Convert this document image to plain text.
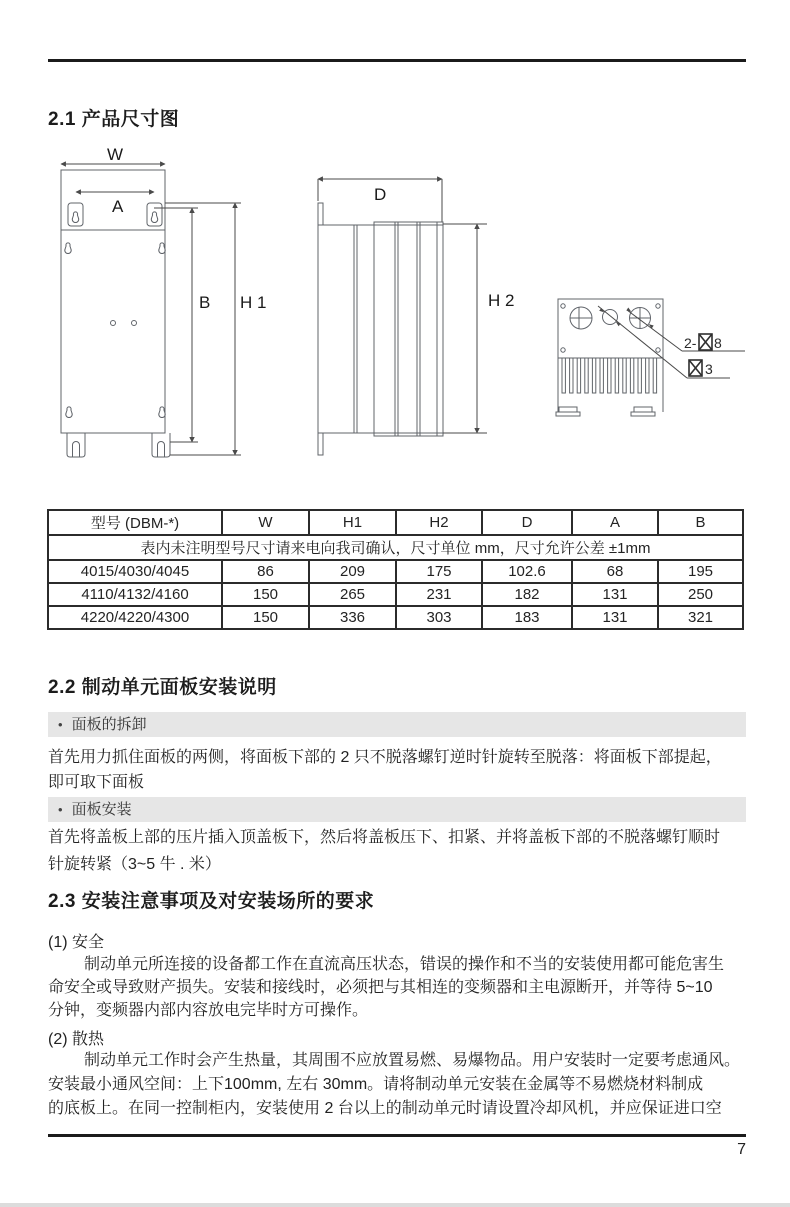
2.1 产品尺寸图
W
A
B H 1
D
H 2
2- 8
3
型号 (DBM-*)	W	H1	H2	D	A	B
表内未注明型号尺寸请来电向我司确认，尺寸单位 mm，尺寸允许公差 ±1mm						
4015/4030/4045	86	209	175	102.6	68	195
4110/4132/4160	150	265	231	182	131	250
4220/4220/4300	150	336	303	183	131	321
2.2 制动单元面板安装说明
• 面板的拆卸
首先用力抓住面板的两侧，将面板下部的 2 只不脱落螺钉逆时针旋转至脱落：将面板下部提起，
即可取下面板
• 面板安装
首先将盖板上部的压片插入顶盖板下，然后将盖板压下、扣紧、并将盖板下部的不脱落螺钉顺时
针旋转紧（3~5 牛 . 米）
2.3 安装注意事项及对安装场所的要求
(1) 安全
制动单元所连接的设备都工作在直流高压状态，错误的操作和不当的安装使用都可能危害生
命安全或导致财产损失。安装和接线时，必须把与其相连的变频器和主电源断开，并等待 5~10
分钟，变频器内部内容放电完毕时方可操作。
(2) 散热
制动单元工作时会产生热量，其周围不应放置易燃、易爆物品。用户安装时一定要考虑通风。
安装最小通风空间：上下100mm, 左右 30mm。请将制动单元安装在金属等不易燃烧材料制成
的底板上。在同一控制柜内，安装使用 2 台以上的制动单元时请设置冷却风机，并应保证进口空
7
